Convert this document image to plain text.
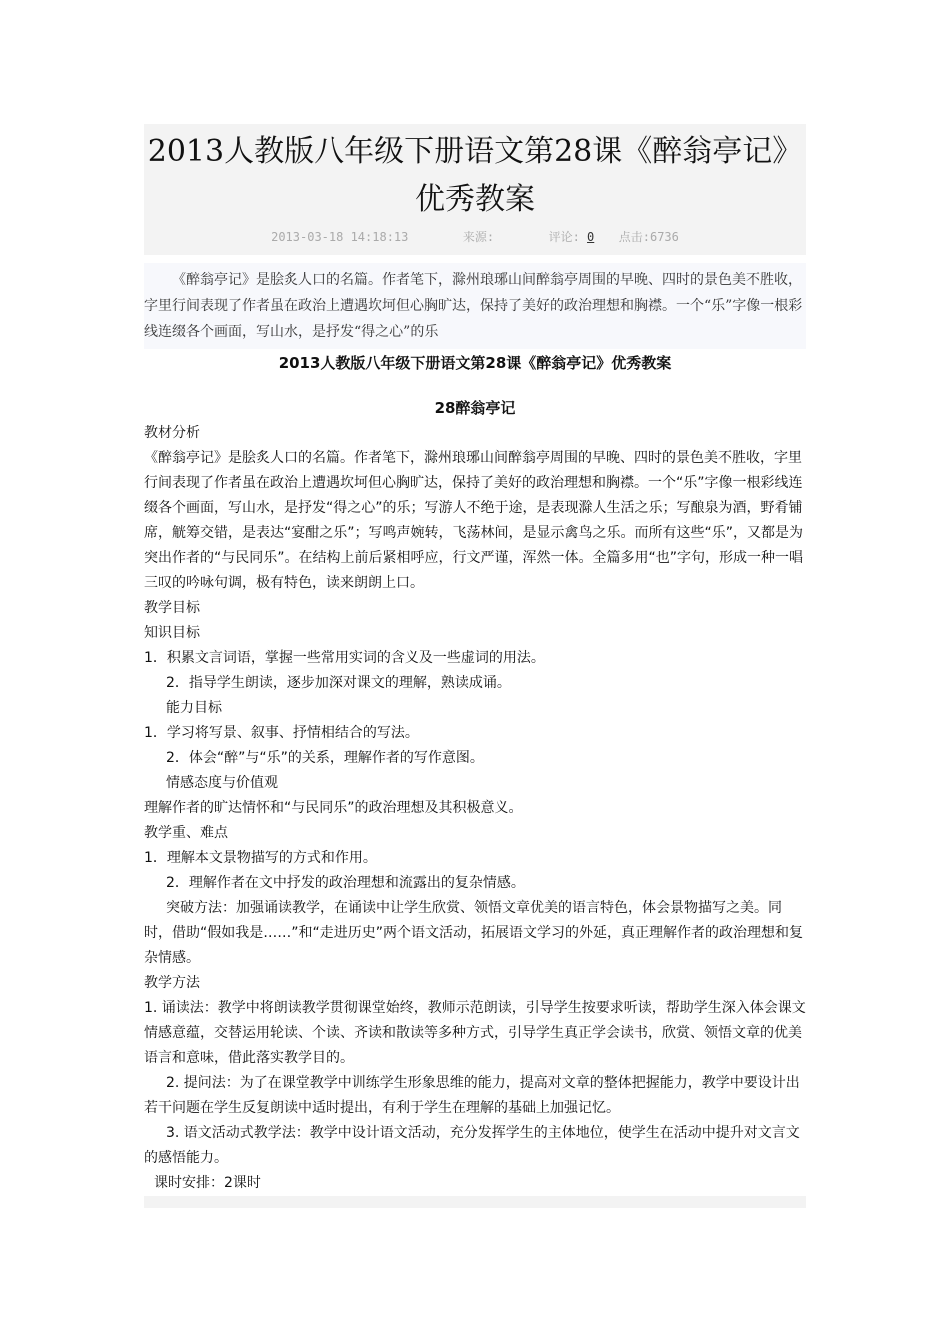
2013人教版八年级下册语文第28课《醉翁亭记》优秀教案
2013-03-18 14:18:13	来源:	评论: 0 点击:6736
《醉翁亭记》是脍炙人口的名篇。作者笔下，滁州琅琊山间醉翁亭周围的早晚、四时的景色美不胜收，字里行间表现了作者虽在政治上遭遇坎坷但心胸旷达，保持了美好的政治理想和胸襟。一个“乐”字像一根彩线连缀各个画面，写山水，是抒发“得之心”的乐

2013人教版八年级下册语文第28课《醉翁亭记》优秀教案

28醉翁亭记

教材分析

《醉翁亭记》是脍炙人口的名篇。作者笔下，滁州琅琊山间醉翁亭周围的早晚、四时的景色美不胜收，字里行间表现了作者虽在政治上遭遇坎坷但心胸旷达，保持了美好的政治理想和胸襟。一个“乐”字像一根彩线连缀各个画面，写山水，是抒发“得之心”的乐；写游人不绝于途，是表现滁人生活之乐；写酿泉为酒，野肴铺席，觥筹交错，是表达“宴酣之乐”；写鸣声婉转，飞荡林间，是显示禽鸟之乐。而所有这些“乐”，又都是为突出作者的“与民同乐”。在结构上前后紧相呼应，行文严谨，浑然一体。全篇多用“也”字句，形成一种一唱三叹的吟咏句调，极有特色，读来朗朗上口。

教学目标

知识目标

1．积累文言词语，掌握一些常用实词的含义及一些虚词的用法。

2．指导学生朗读，逐步加深对课文的理解，熟读成诵。

能力目标

1．学习将写景、叙事、抒情相结合的写法。

2．体会“醉”与“乐”的关系，理解作者的写作意图。

情感态度与价值观

理解作者的旷达情怀和“与民同乐”的政治理想及其积极意义。

教学重、难点

1．理解本文景物描写的方式和作用。

2．理解作者在文中抒发的政治理想和流露出的复杂情感。

突破方法：加强诵读教学，在诵读中让学生欣赏、领悟文章优美的语言特色，体会景物描写之美。同时，借助“假如我是……”和“走进历史”两个语文活动，拓展语文学习的外延，真正理解作者的政治理想和复杂情感。

教学方法

1. 诵读法：教学中将朗读教学贯彻课堂始终，教师示范朗读，引导学生按要求听读，帮助学生深入体会课文情感意蕴，交替运用轮读、个读、齐读和散读等多种方式，引导学生真正学会读书，欣赏、领悟文章的优美语言和意味，借此落实教学目的。

2. 提问法：为了在课堂教学中训练学生形象思维的能力，提高对文章的整体把握能力，教学中要设计出若干问题在学生反复朗读中适时提出，有利于学生在理解的基础上加强记忆。

3. 语文活动式教学法：教学中设计语文活动，充分发挥学生的主体地位，使学生在活动中提升对文言文的感悟能力。

课时安排：2课时
